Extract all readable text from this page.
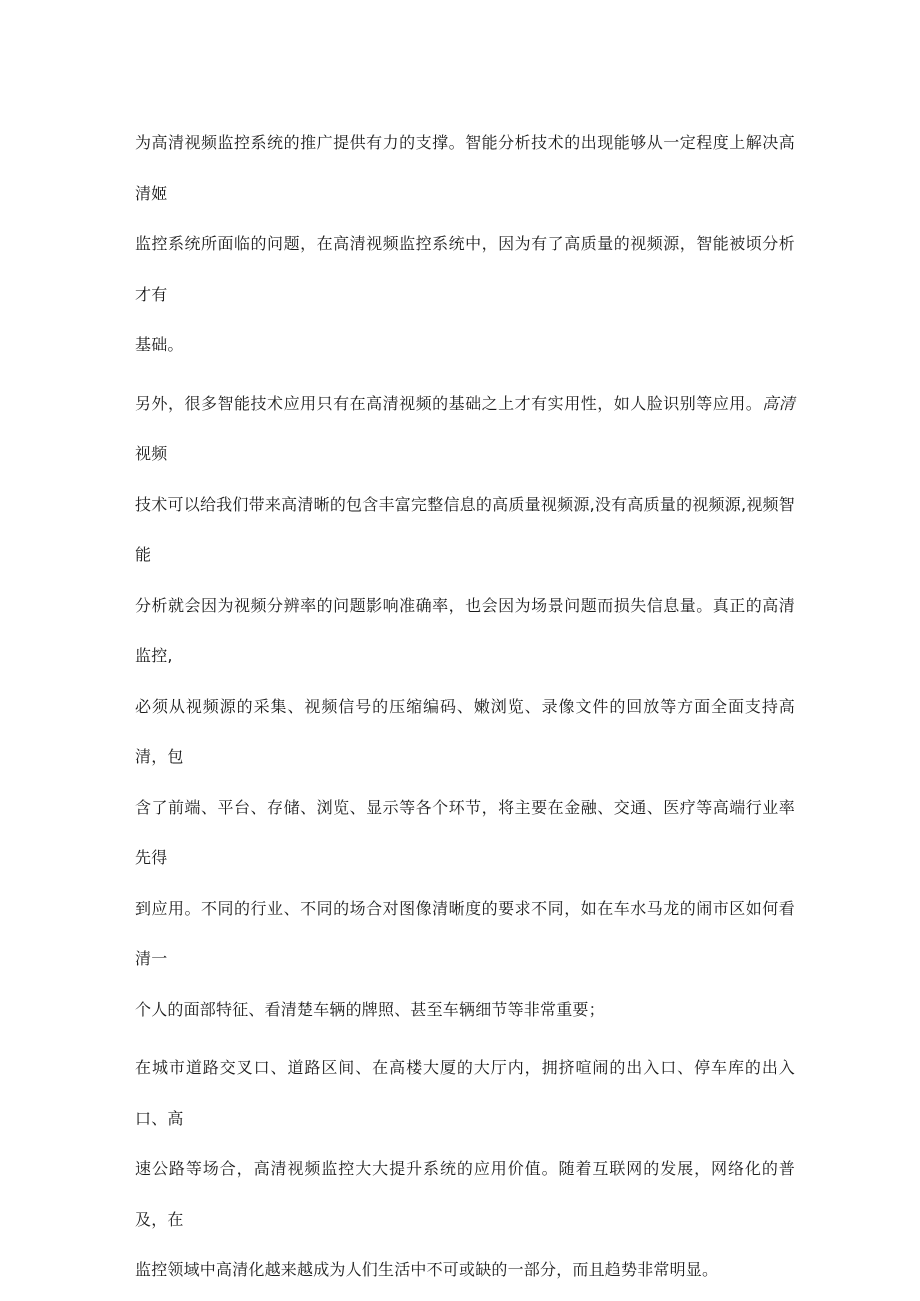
为高清视频监控系统的推广提供有力的支撑。智能分析技术的出现能够从一定程度上解决高清姬
监控系统所面临的问题，在高清视频监控系统中，因为有了高质量的视频源，智能被顷分析才有
基础。

另外，很多智能技术应用只有在高清视频的基础之上才有实用性，如人脸识别等应用。高清视频
技术可以给我们带来高清晰的包含丰富完整信息的高质量视频源,没有高质量的视频源,视频智能
分析就会因为视频分辨率的问题影响准确率，也会因为场景问题而损失信息量。真正的高清监控,
必须从视频源的采集、视频信号的压缩编码、嫩浏览、录像文件的回放等方面全面支持高清，包
含了前端、平台、存储、浏览、显示等各个环节，将主要在金融、交通、医疗等高端行业率先得
到应用。不同的行业、不同的场合对图像清晰度的要求不同，如在车水马龙的闹市区如何看清一
个人的面部特征、看清楚车辆的牌照、甚至车辆细节等非常重要；

在城市道路交叉口、道路区间、在高楼大厦的大厅内，拥挤喧闹的出入口、停车库的出入口、高
速公路等场合，高清视频监控大大提升系统的应用价值。随着互联网的发展，网络化的普及，在
监控领域中高清化越来越成为人们生活中不可或缺的一部分，而且趋势非常明显。
